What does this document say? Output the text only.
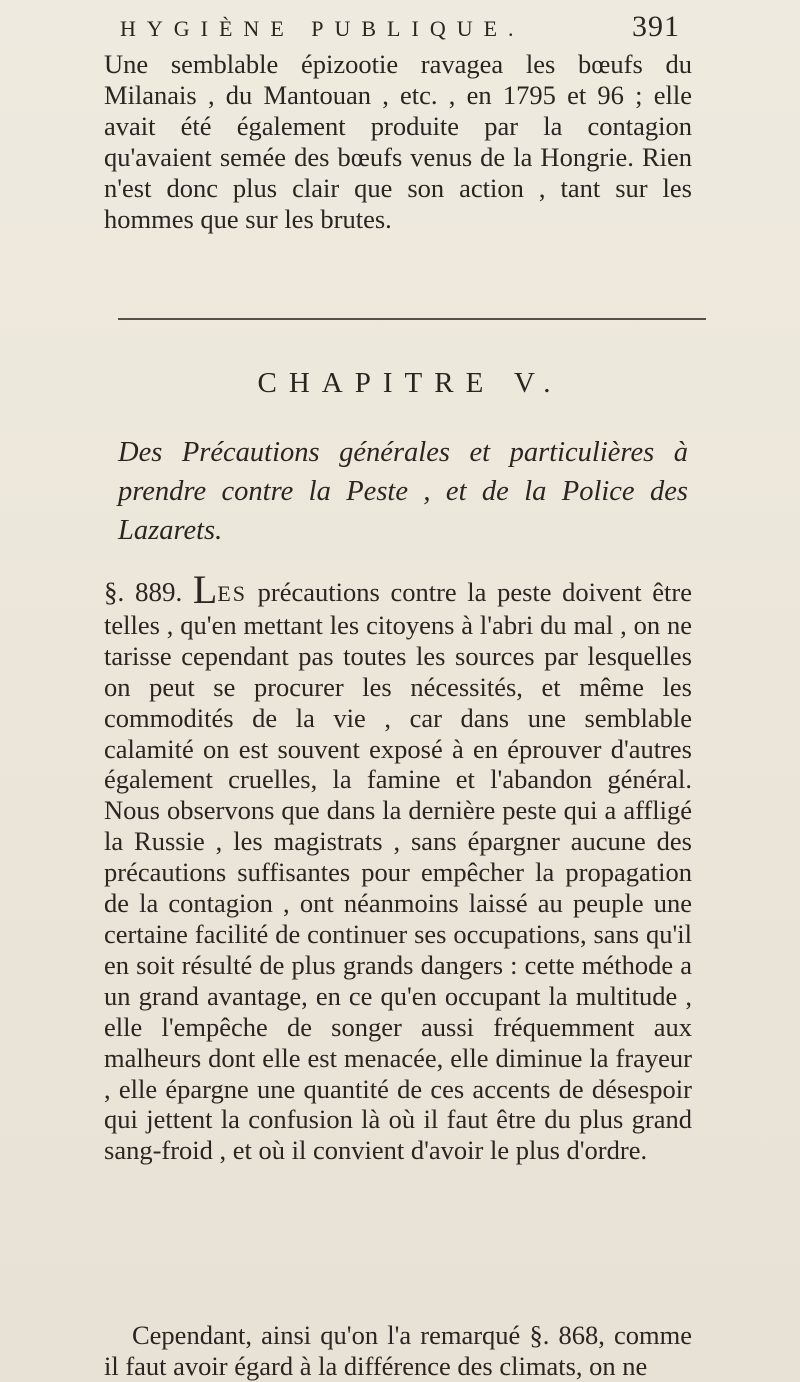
HYGIÈNE PUBLIQUE.	391

Une semblable épizootie ravagea les bœufs du Milanais , du Mantouan , etc. , en 1795 et 96 ; elle avait été également produite par la contagion qu'avaient semée des bœufs venus de la Hongrie. Rien n'est donc plus clair que son action , tant sur les hommes que sur les brutes.

CHAPITRE V.

Des Précautions générales et particulières à prendre contre la Peste , et de la Police des Lazarets.

§. 889. LES précautions contre la peste doivent être telles , qu'en mettant les citoyens à l'abri du mal , on ne tarisse cependant pas toutes les sources par lesquelles on peut se procurer les nécessités, et même les commodités de la vie , car dans une semblable calamité on est souvent exposé à en éprouver d'autres également cruelles, la famine et l'abandon général. Nous observons que dans la dernière peste qui a affligé la Russie , les magistrats , sans épargner aucune des précautions suffisantes pour empêcher la propagation de la contagion , ont néanmoins laissé au peuple une certaine facilité de continuer ses occupations, sans qu'il en soit résulté de plus grands dangers : cette méthode a un grand avantage, en ce qu'en occupant la multitude , elle l'empêche de songer aussi fréquemment aux malheurs dont elle est menacée, elle diminue la frayeur , elle épargne une quantité de ces accents de désespoir qui jettent la confusion là où il faut être du plus grand sang-froid , et où il convient d'avoir le plus d'ordre.

Cependant, ainsi qu'on l'a remarqué §. 868, comme il faut avoir égard à la différence des climats, on ne
